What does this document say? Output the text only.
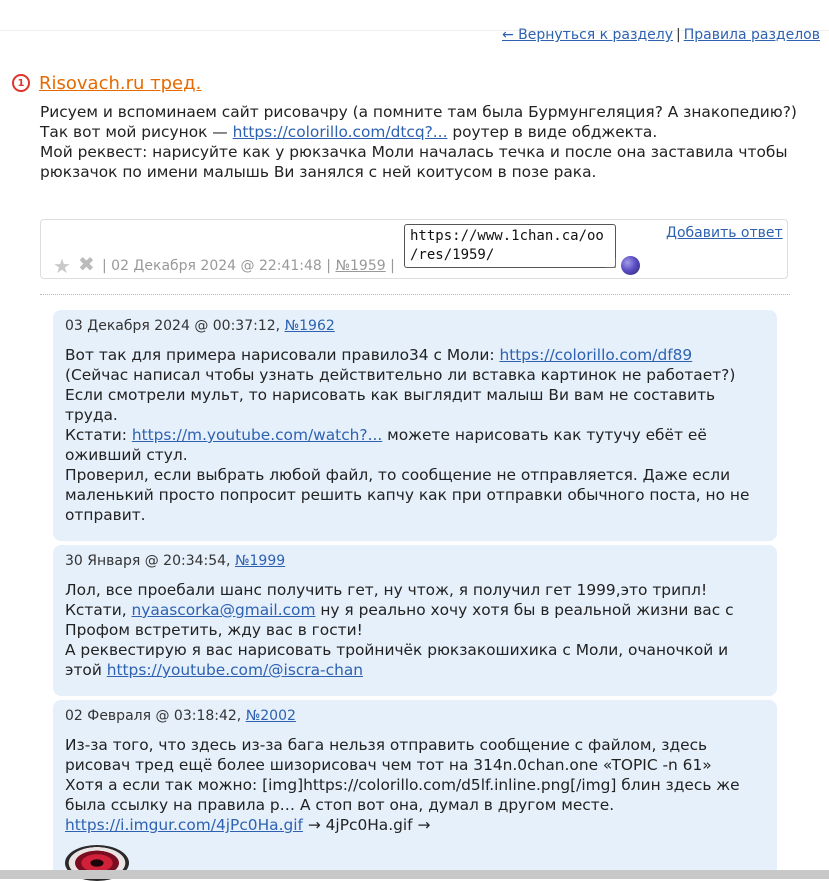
← Вернуться к разделу | Правила разделов
1 Risovach.ru тред.
Рисуем и вспоминаем сайт рисовачру (а помните там была Бурмунгеляция? А знакопедию?)
Так вот мой рисунок — https://colorillo.com/dtcq?... роутер в виде обджекта.
Мой реквест: нарисуйте как у рюкзачка Моли началась течка и после она заставила чтобы рюкзачок по имени малышь Ви занялся с ней коитусом в позе рака.
★ ✖ | 02 Декабря 2024 @ 22:41:48 | №1959 |
https://www.1chan.ca/oo/res/1959/
Добавить ответ
03 Декабря 2024 @ 00:37:12, №1962
Вот так для примера нарисовали правило34 с Моли: https://colorillo.com/df89
(Сейчас написал чтобы узнать действительно ли вставка картинок не работает?)
Если смотрели мульт, то нарисовать как выглядит малыш Ви вам не составить труда.
Кстати: https://m.youtube.com/watch?... можете нарисовать как тутучу ебёт её оживший стул.
Проверил, если выбрать любой файл, то сообщение не отправляется. Даже если маленький просто попросит решить капчу как при отправки обычного поста, но не отправит.
30 Января @ 20:34:54, №1999
Лол, все проебали шанс получить гет, ну чтож, я получил гет 1999,это трипл!
Кстати, nyaascorka@gmail.com ну я реально хочу хотя бы в реальной жизни вас с Профом встретить, жду вас в гости!
А реквестирую я вас нарисовать тройничёк рюкзакошихика с Моли, очаночкой и этой https://youtube.com/@iscra-chan
02 Февраля @ 03:18:42, №2002
Из-за того, что здесь из-за бага нельзя отправить сообщение с файлом, здесь рисовач тред ещё более шизорисовач чем тот на 314n.0chan.one «TOPIC -n 61»
Хотя а если так можно: [img]https://colorillo.com/d5lf.inline.png[/img] блин здесь же была ссылку на правила р… А стоп вот она, думал в другом месте.
https://i.imgur.com/4jPc0Ha.gif → 4jPc0Ha.gif →
